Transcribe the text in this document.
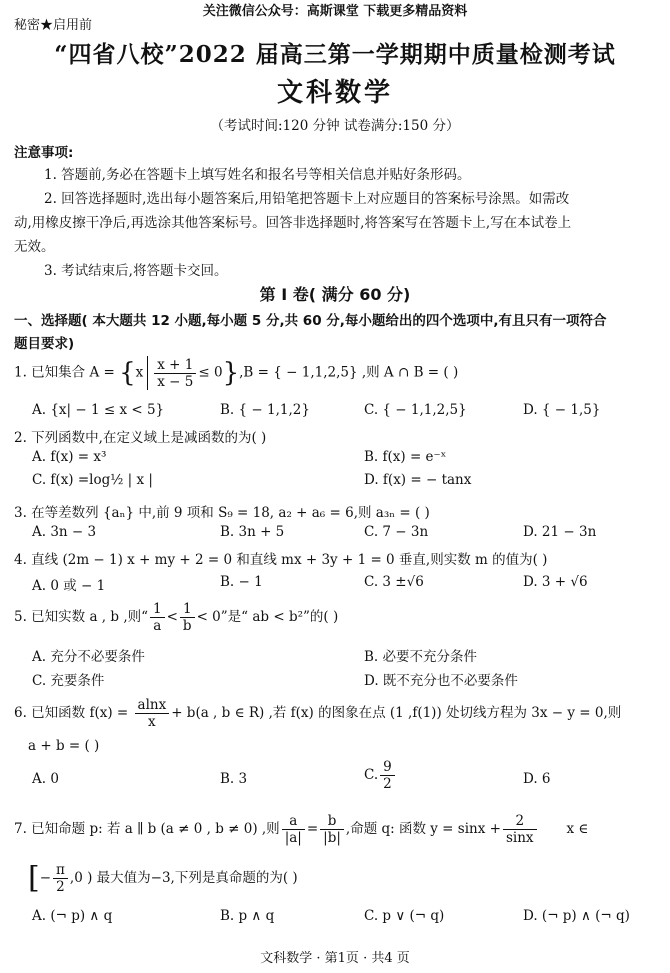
关注微信公众号：高斯课堂 下载更多精品资料
秘密★启用前
“四省八校”2022 届高三第一学期期中质量检测考试
文科数学
（考试时间:120 分钟 试卷满分:150 分）
注意事项:
1. 答题前,务必在答题卡上填写姓名和报名号等相关信息并贴好条形码。
2. 回答选择题时,选出每小题答案后,用铅笔把答题卡上对应题目的答案标号涂黑。如需改
动,用橡皮擦干净后,再选涂其他答案标号。回答非选择题时,将答案写在答题卡上,写在本试卷上
无效。
3. 考试结束后,将答题卡交回。
第 I 卷( 满分 60 分)
一、选择题( 本大题共 12 小题,每小题 5 分,共 60 分,每小题给出的四个选项中,有且只有一项符合
题目要求)
1. 已知集合 $A = \{x \frac{x + 1}{x - 5} \le 0\},B$ = { − 1,1,2,5} ,则 A ∩ B = ( )
A. {x| − 1 ≤ x < 5}	B. { − 1,1,2}	C. { − 1,1,2,5}	D. { − 1,5}
2. 下列函数中,在定义域上是减函数的为( )
A. f(x) = x³	B. f(x) = e⁻ˣ
C. f(x) =log½ | x |	D. f(x) = − tanx
3. 在等差数列 {aₙ} 中,前 9 项和 S₉ = 18, a₂ + a₆ = 6,则 a₃ₙ = ( )
A. 3n − 3	B. 3n + 5	C. 7 − 3n	D. 21 − 3n
4. 直线 (2m − 1) x + my + 2 = 0 和直线 mx + 3y + 1 = 0 垂直,则实数 m 的值为( )
A. 0 或 − 1	B. − 1	C. 3 ±√6	D. 3 + √6
5. 已知实数 a , b ,则“ $\frac{1}{a} < \frac{1}{b} < 0$”是“ ab < b²”的( )
A. 充分不必要条件	B. 必要不充分条件
C. 充要条件	D. 既不充分也不必要条件
6. 已知函数 $f(x) = \frac{alnx}{x} + b(a$ , b ∈ R) ,若 f(x) 的图象在点 (1 ,f(1)) 处切线方程为 3x − y = 0,则
a + b = ( )
A. 0	B. 3	C. $\frac{9}{2}$	D. 6
7. 已知命题 p: 若 a ∥ b (a ≠ 0 , b ≠ 0) ,则 $\frac{a}{|a|} = \frac{b}{|b|}$ ,命题 q: 函数 $y = \sin x + \frac{2}{\sin x}$ x ∈
[− $\frac{\pi}{2} ,0$ ) 最大值为−3,下列是真命题的为( )
A. (¬ p) ∧ q	B. p ∧ q	C. p ∨ (¬ q)	D. (¬ p) ∧ (¬ q)
文科数学 · 第1页 · 共4 页
